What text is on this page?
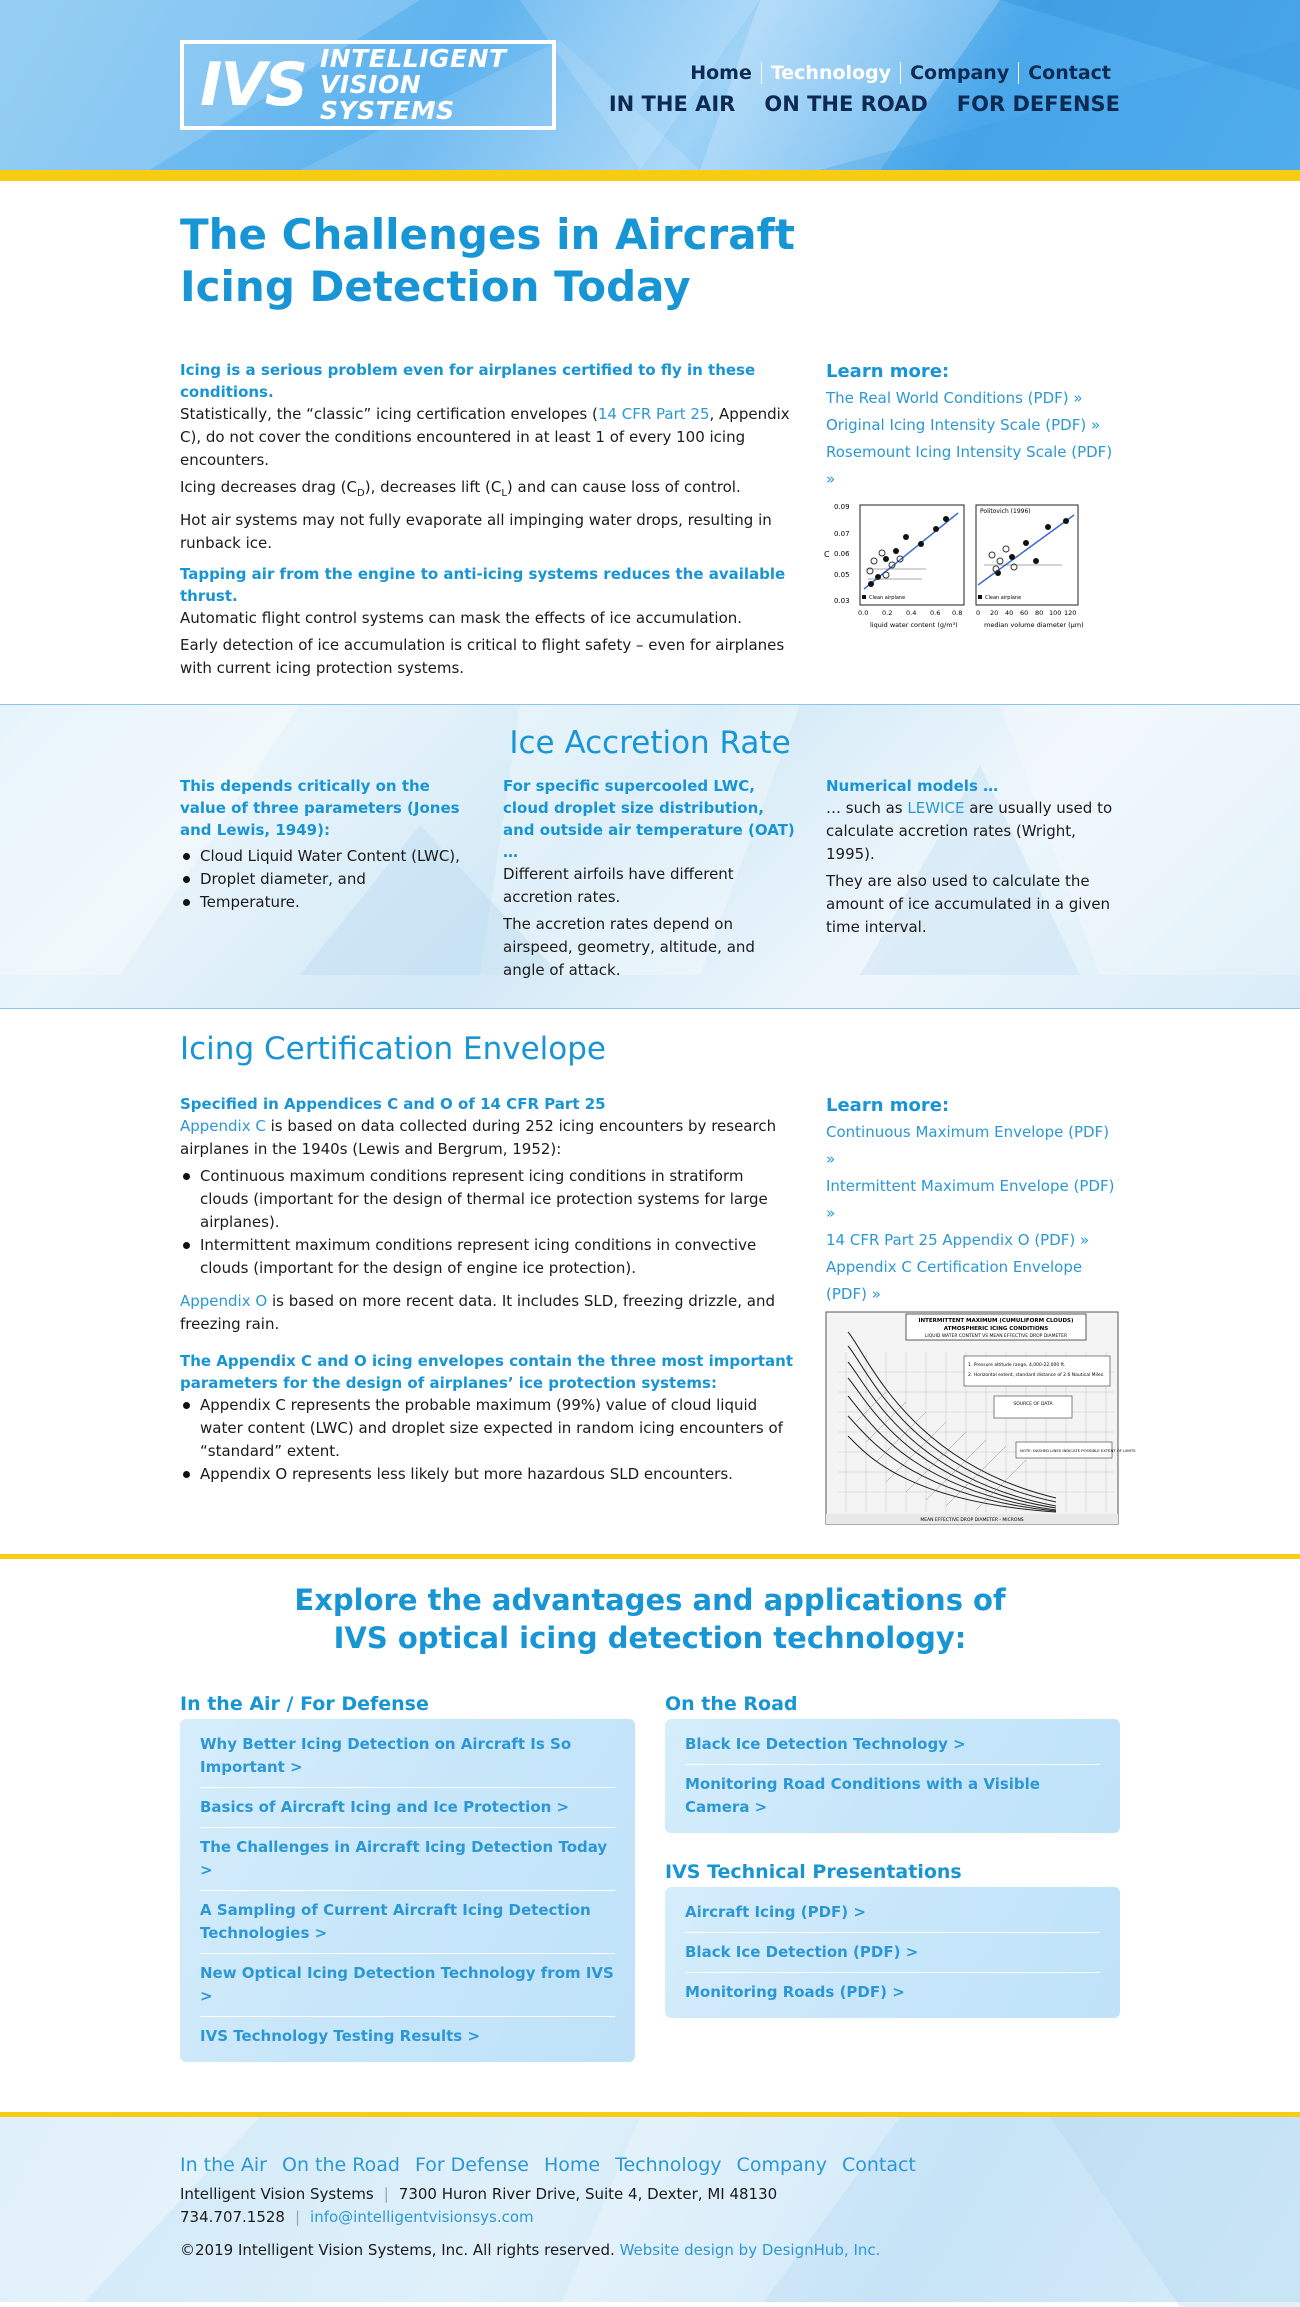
IVS INTELLIGENT
VISION SYSTEMS
Home	Technology	Company	Contact
IN THE AIR ON THE ROAD FOR DEFENSE
The Challenges in Aircraft Icing Detection Today
Icing is a serious problem even for airplanes certified to fly in these conditions.

Statistically, the “classic” icing certification envelopes (14 CFR Part 25, Appendix C), do not cover the conditions encountered in at least 1 of every 100 icing encounters.

Icing decreases drag $(C_D)$, decreases lift $(C_L)$ and can cause loss of control.

Hot air systems may not fully evaporate all impinging water drops, resulting in runback ice.

Tapping air from the engine to anti-icing systems reduces the available thrust.

Automatic flight control systems can mask the effects of ice accumulation.

Early detection of ice accumulation is critical to flight safety – even for airplanes with current icing protection systems.

Learn more:
The Real World Conditions (PDF) »
Original Icing Intensity Scale (PDF) »
Rosemount Icing Intensity Scale (PDF) »
0.09
0.07
0.06
0.05
0.03
C
Clean airplane
0.0 0.2 0.4 0.6 0.8
liquid water content (g/m³)
Politovich (1996)
Clean airplane
0 20 40 60 80 100 120
median volume diameter (μm)
Ice Accretion Rate
This depends critically on the value of three parameters (Jones and Lewis, 1949):
Cloud Liquid Water Content (LWC),
Droplet diameter, and
Temperature.
For specific supercooled LWC, cloud droplet size distribution, and outside air temperature (OAT) …

Different airfoils have different accretion rates.

The accretion rates depend on airspeed, geometry, altitude, and angle of attack.

Numerical models …

… such as LEWICE are usually used to calculate accretion rates (Wright, 1995).

They are also used to calculate the amount of ice accumulated in a given time interval.

Icing Certification Envelope
Specified in Appendices C and O of 14 CFR Part 25

Appendix C is based on data collected during 252 icing encounters by research airplanes in the 1940s (Lewis and Bergrum, 1952):

Continuous maximum conditions represent icing conditions in stratiform clouds (important for the design of thermal ice protection systems for large airplanes).
Intermittent maximum conditions represent icing conditions in convective clouds (important for the design of engine ice protection).

Appendix O is based on more recent data. It includes SLD, freezing drizzle, and freezing rain.

The Appendix C and O icing envelopes contain the three most important parameters for the design of airplanes’ ice protection systems:
Appendix C represents the probable maximum (99%) value of cloud liquid water content (LWC) and droplet size expected in random icing encounters of “standard” extent.
Appendix O represents less likely but more hazardous SLD encounters.
Learn more:
Continuous Maximum Envelope (PDF) »
Intermittent Maximum Envelope (PDF) »
14 CFR Part 25 Appendix O (PDF) »
Appendix C Certification Envelope (PDF) »
INTERMITTENT MAXIMUM (CUMULIFORM CLOUDS)
ATMOSPHERIC ICING CONDITIONS
LIQUID WATER CONTENT VS MEAN EFFECTIVE DROP DIAMETER
1. Pressure altitude range, 4,000-22,000 ft.
2. Horizontal extent, standard distance of 2.6 Nautical Miles.
SOURCE OF DATA
NOTE: DASHED LINES INDICATE POSSIBLE EXTENT OF LIMITS
MEAN EFFECTIVE DROP DIAMETER - MICRONS
Explore the advantages and applications of
IVS optical icing detection technology:
In the Air / For Defense
Why Better Icing Detection on Aircraft Is So Important >
Basics of Aircraft Icing and Ice Protection >
The Challenges in Aircraft Icing Detection Today >
A Sampling of Current Aircraft Icing Detection Technologies >
New Optical Icing Detection Technology from IVS >
IVS Technology Testing Results >
On the Road
Black Ice Detection Technology >
Monitoring Road Conditions with a Visible Camera >
IVS Technical Presentations
Aircraft Icing (PDF) >
Black Ice Detection (PDF) >
Monitoring Roads (PDF) >
In the Air On the Road For Defense Home Technology Company Contact
Intelligent Vision Systems | 7300 Huron River Drive, Suite 4, Dexter, MI 48130
734.707.1528 | info@intelligentvisionsys.com
©2019 Intelligent Vision Systems, Inc. All rights reserved. Website design by DesignHub, Inc.
